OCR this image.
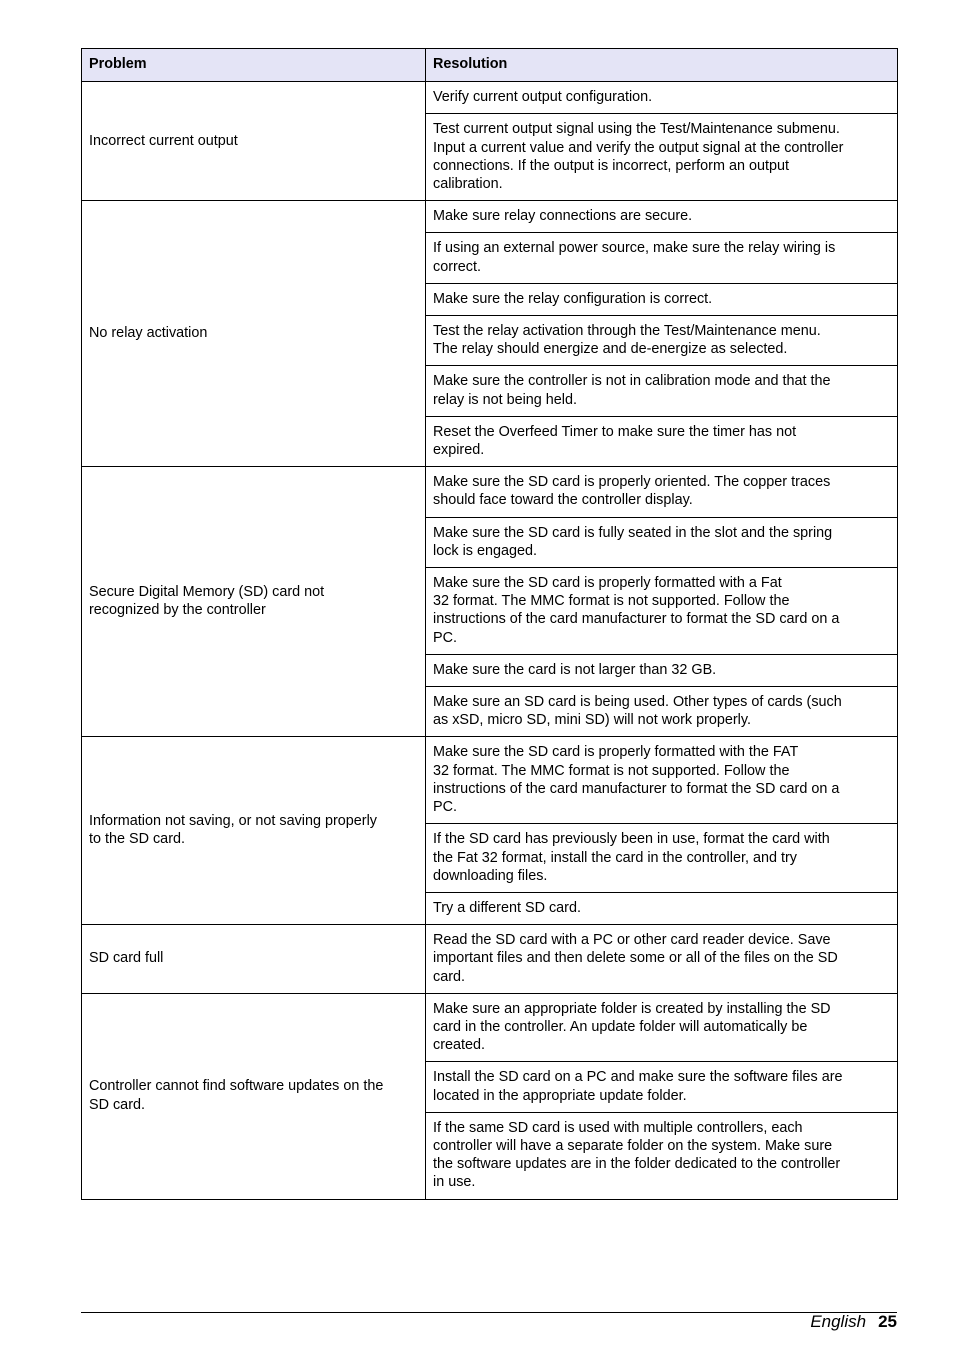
Problem	Resolution
Incorrect current output	Verify current output configuration.
	Test current output signal using the Test/Maintenance submenu.
Input a current value and verify the output signal at the controller
connections. If the output is incorrect, perform an output
calibration.
No relay activation	Make sure relay connections are secure.
	If using an external power source, make sure the relay wiring is
correct.
	Make sure the relay configuration is correct.
	Test the relay activation through the Test/Maintenance menu.
The relay should energize and de-energize as selected.
	Make sure the controller is not in calibration mode and that the
relay is not being held.
	Reset the Overfeed Timer to make sure the timer has not
expired.
Secure Digital Memory (SD) card not
recognized by the controller	Make sure the SD card is properly oriented. The copper traces
should face toward the controller display.
	Make sure the SD card is fully seated in the slot and the spring
lock is engaged.
	Make sure the SD card is properly formatted with a Fat
32 format. The MMC format is not supported. Follow the
instructions of the card manufacturer to format the SD card on a
PC.
	Make sure the card is not larger than 32 GB.
	Make sure an SD card is being used. Other types of cards (such
as xSD, micro SD, mini SD) will not work properly.
Information not saving, or not saving properly
to the SD card.	Make sure the SD card is properly formatted with the FAT
32 format. The MMC format is not supported. Follow the
instructions of the card manufacturer to format the SD card on a
PC.
	If the SD card has previously been in use, format the card with
the Fat 32 format, install the card in the controller, and try
downloading files.
	Try a different SD card.
SD card full	Read the SD card with a PC or other card reader device. Save
important files and then delete some or all of the files on the SD
card.
Controller cannot find software updates on the
SD card.	Make sure an appropriate folder is created by installing the SD
card in the controller. An update folder will automatically be
created.
	Install the SD card on a PC and make sure the software files are
located in the appropriate update folder.
	If the same SD card is used with multiple controllers, each
controller will have a separate folder on the system. Make sure
the software updates are in the folder dedicated to the controller
in use.
English 25
